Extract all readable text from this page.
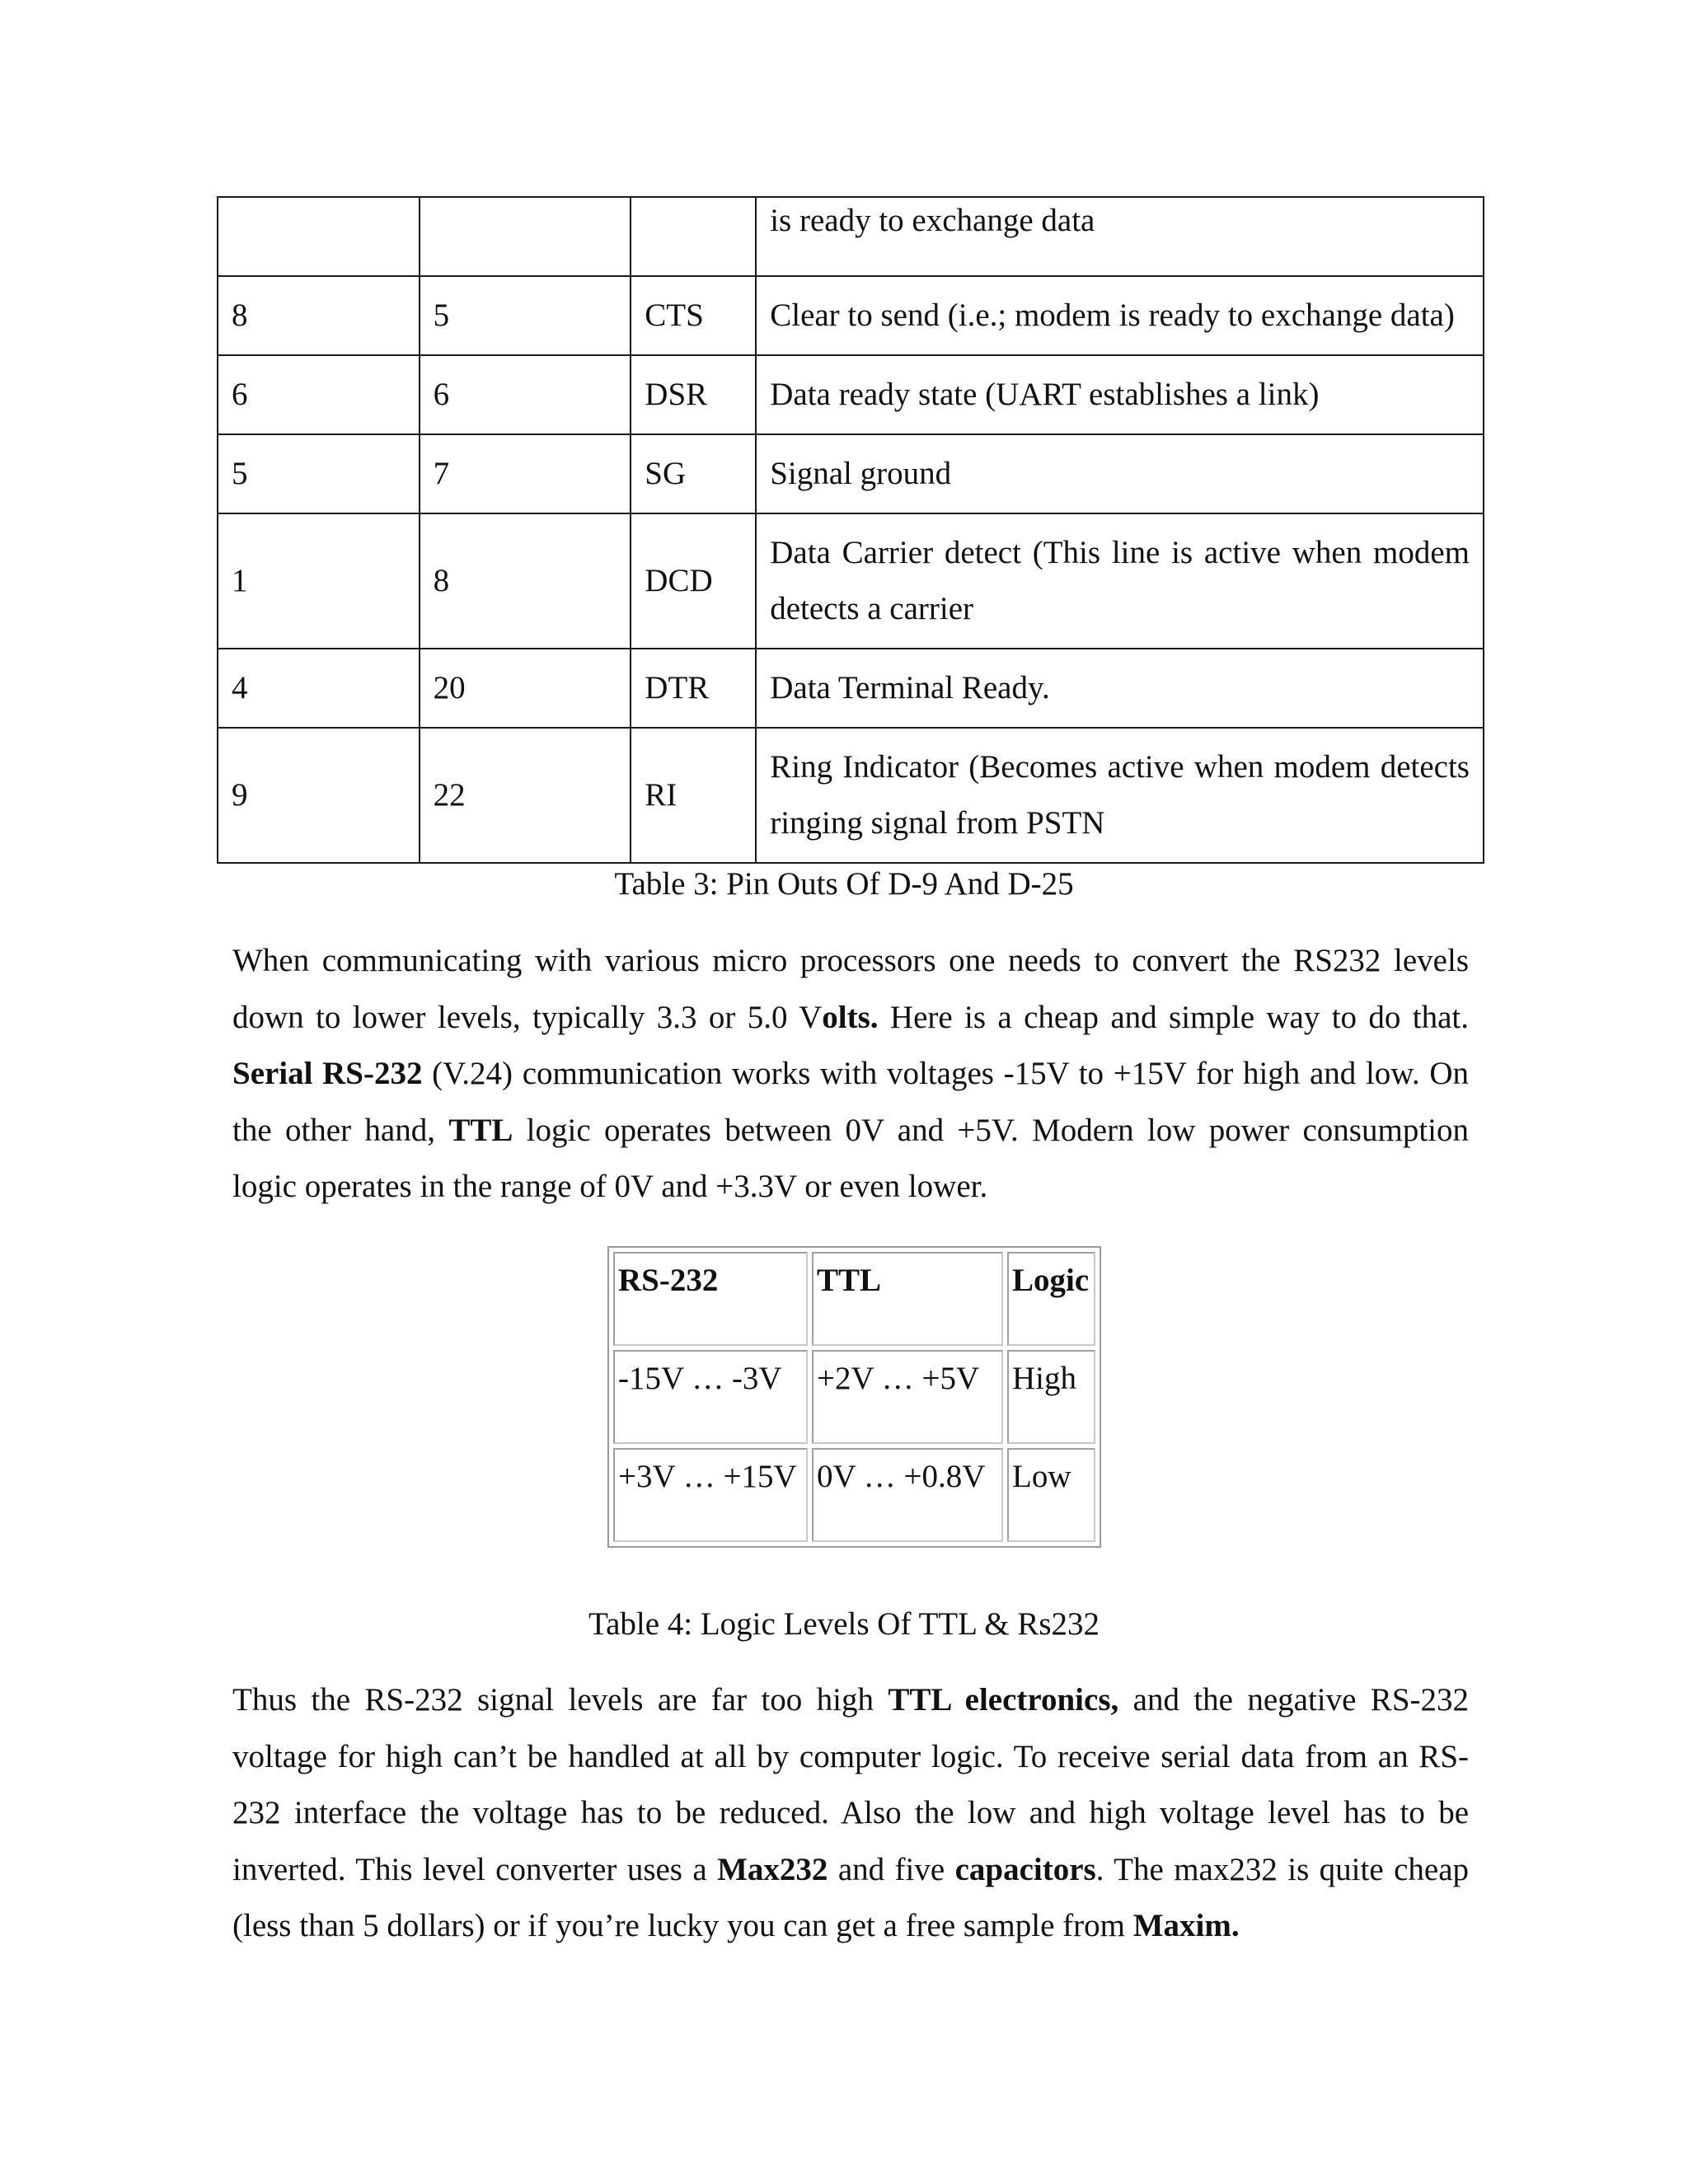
			is ready to exchange data
8	5	CTS	Clear to send (i.e.; modem is ready to exchange data)
6	6	DSR	Data ready state (UART establishes a link)
5	7	SG	Signal ground
1	8	DCD	Data Carrier detect (This line is active when modem detects a carrier
4	20	DTR	Data Terminal Ready.
9	22	RI	Ring Indicator (Becomes active when modem detects ringing signal from PSTN
Table 3: Pin Outs Of D-9 And D-25

When communicating with various micro processors one needs to convert the RS232 levels down to lower levels, typically 3.3 or 5.0 Volts. Here is a cheap and simple way to do that. Serial RS-232 (V.24) communication works with voltages -15V to +15V for high and low. On the other hand, TTL logic operates between 0V and +5V. Modern low power consumption logic operates in the range of 0V and +3.3V or even lower.

RS-232	TTL	Logic
-15V … -3V	+2V … +5V	High
+3V … +15V	0V … +0.8V	Low
Table 4: Logic Levels Of TTL & Rs232

Thus the RS-232 signal levels are far too high TTL electronics, and the negative RS-232 voltage for high can’t be handled at all by computer logic. To receive serial data from an RS-232 interface the voltage has to be reduced. Also the low and high voltage level has to be inverted. This level converter uses a Max232 and five capacitors. The max232 is quite cheap (less than 5 dollars) or if you’re lucky you can get a free sample from Maxim.
